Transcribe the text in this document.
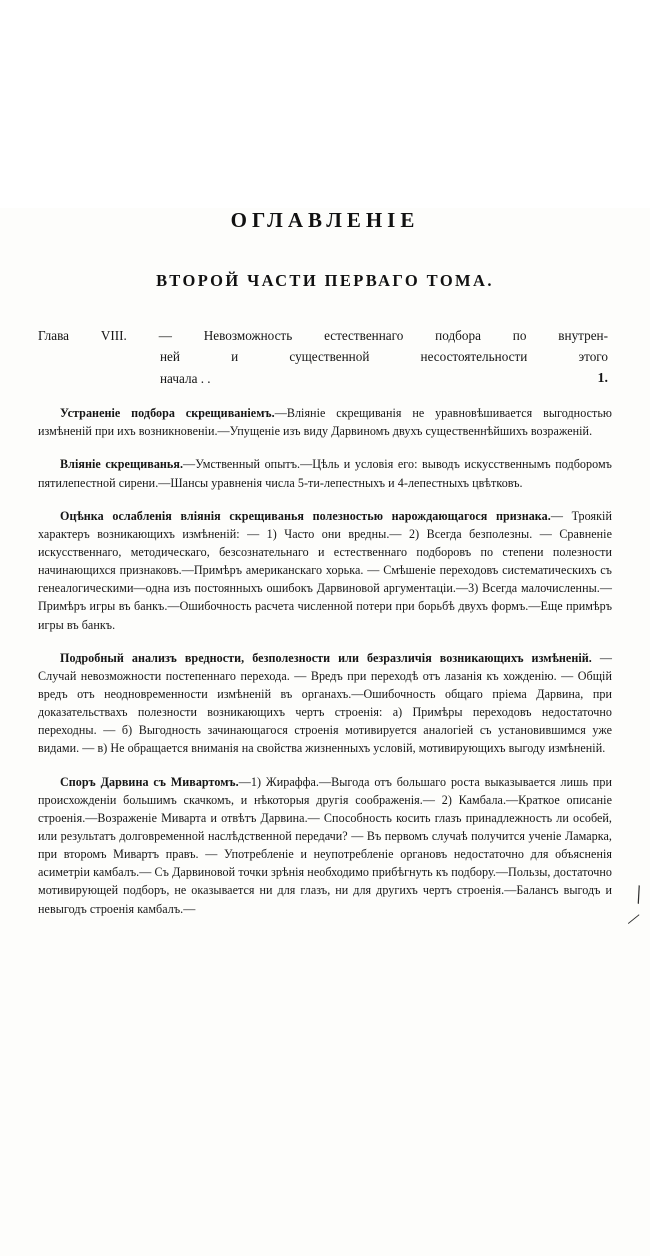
ОГЛАВЛЕНІЕ
ВТОРОЙ ЧАСТИ ПЕРВАГО ТОМА.
Глава VIII. — Невозможность естественнаго подбора по внутрен-
ней и существенной несостоятельности этого
начала . .	1.

Устраненіе подбора скрещиваніемъ.—Вліяніе скрещиванія не уравновѣшивается выгодностью измѣненій при ихъ возникновеніи.—Упущеніе изъ виду Дарвиномъ двухъ существеннѣйшихъ возраженій.

Вліяніе скрещиванья.—Умственный опытъ.—Цѣль и условія его: выводъ искусственнымъ подборомъ пятилепестной сирени.—Шансы уравненія числа 5-ти-лепестныхъ и 4-лепестныхъ цвѣтковъ.

Оцѣнка ослабленія вліянія скрещиванья полезностью нарождающагося признака.— Троякій характеръ возникающихъ измѣненій: — 1) Часто они вредны.— 2) Всегда безполезны. — Сравненіе искусственнаго, методическаго, безсознательнаго и естественнаго подборовъ по степени полезности начинающихся признаковъ.—Примѣръ американскаго хорька. — Смѣшеніе переходовъ систематическихъ съ генеалогическими—одна изъ постоянныхъ ошибокъ Дарвиновой аргументаціи.—3) Всегда малочисленны.—Примѣръ игры въ банкъ.—Ошибочность расчета численной потери при борьбѣ двухъ формъ.—Еще примѣръ игры въ банкъ.

Подробный анализъ вредности, безполезности или безразличія возникающихъ измѣненій. — Случай невозможности постепеннаго перехода. — Вредъ при переходѣ отъ лазанія къ хожденію. — Общій вредъ отъ неодновременности измѣненій въ органахъ.—Ошибочность общаго пріема Дарвина, при доказательствахъ полезности возникающихъ чертъ строенія: а) Примѣры переходовъ недостаточно переходны. — б) Выгодность зачинающагося строенія мотивируется аналогіей съ установившимся уже видами. — в) Не обращается вниманія на свойства жизненныхъ условій, мотивирующихъ выгоду измѣненій.

Споръ Дарвина съ Мивартомъ.—1) Жираффа.—Выгода отъ большаго роста выказывается лишь при происхожденіи большимъ скачкомъ, и нѣкоторыя другія соображенія.— 2) Камбала.—Краткое описаніе строенія.—Возраженіе Миварта и отвѣтъ Дарвина.— Способность косить глазъ принадлежность ли особей, или результатъ долговременной наслѣдственной передачи? — Въ первомъ случаѣ получится ученіе Ламарка, при второмъ Мивартъ правъ. — Употребленіе и неупотребленіе органовъ недостаточно для объясненія асиметріи камбалъ.— Съ Дарвиновой точки зрѣнія необходимо прибѣгнуть къ подбору.—Пользы, достаточно мотивирующей подборъ, не оказывается ни для глазъ, ни для другихъ чертъ строенія.—Балансъ выгодъ и невыгодъ строенія камбалъ.—	\
\
